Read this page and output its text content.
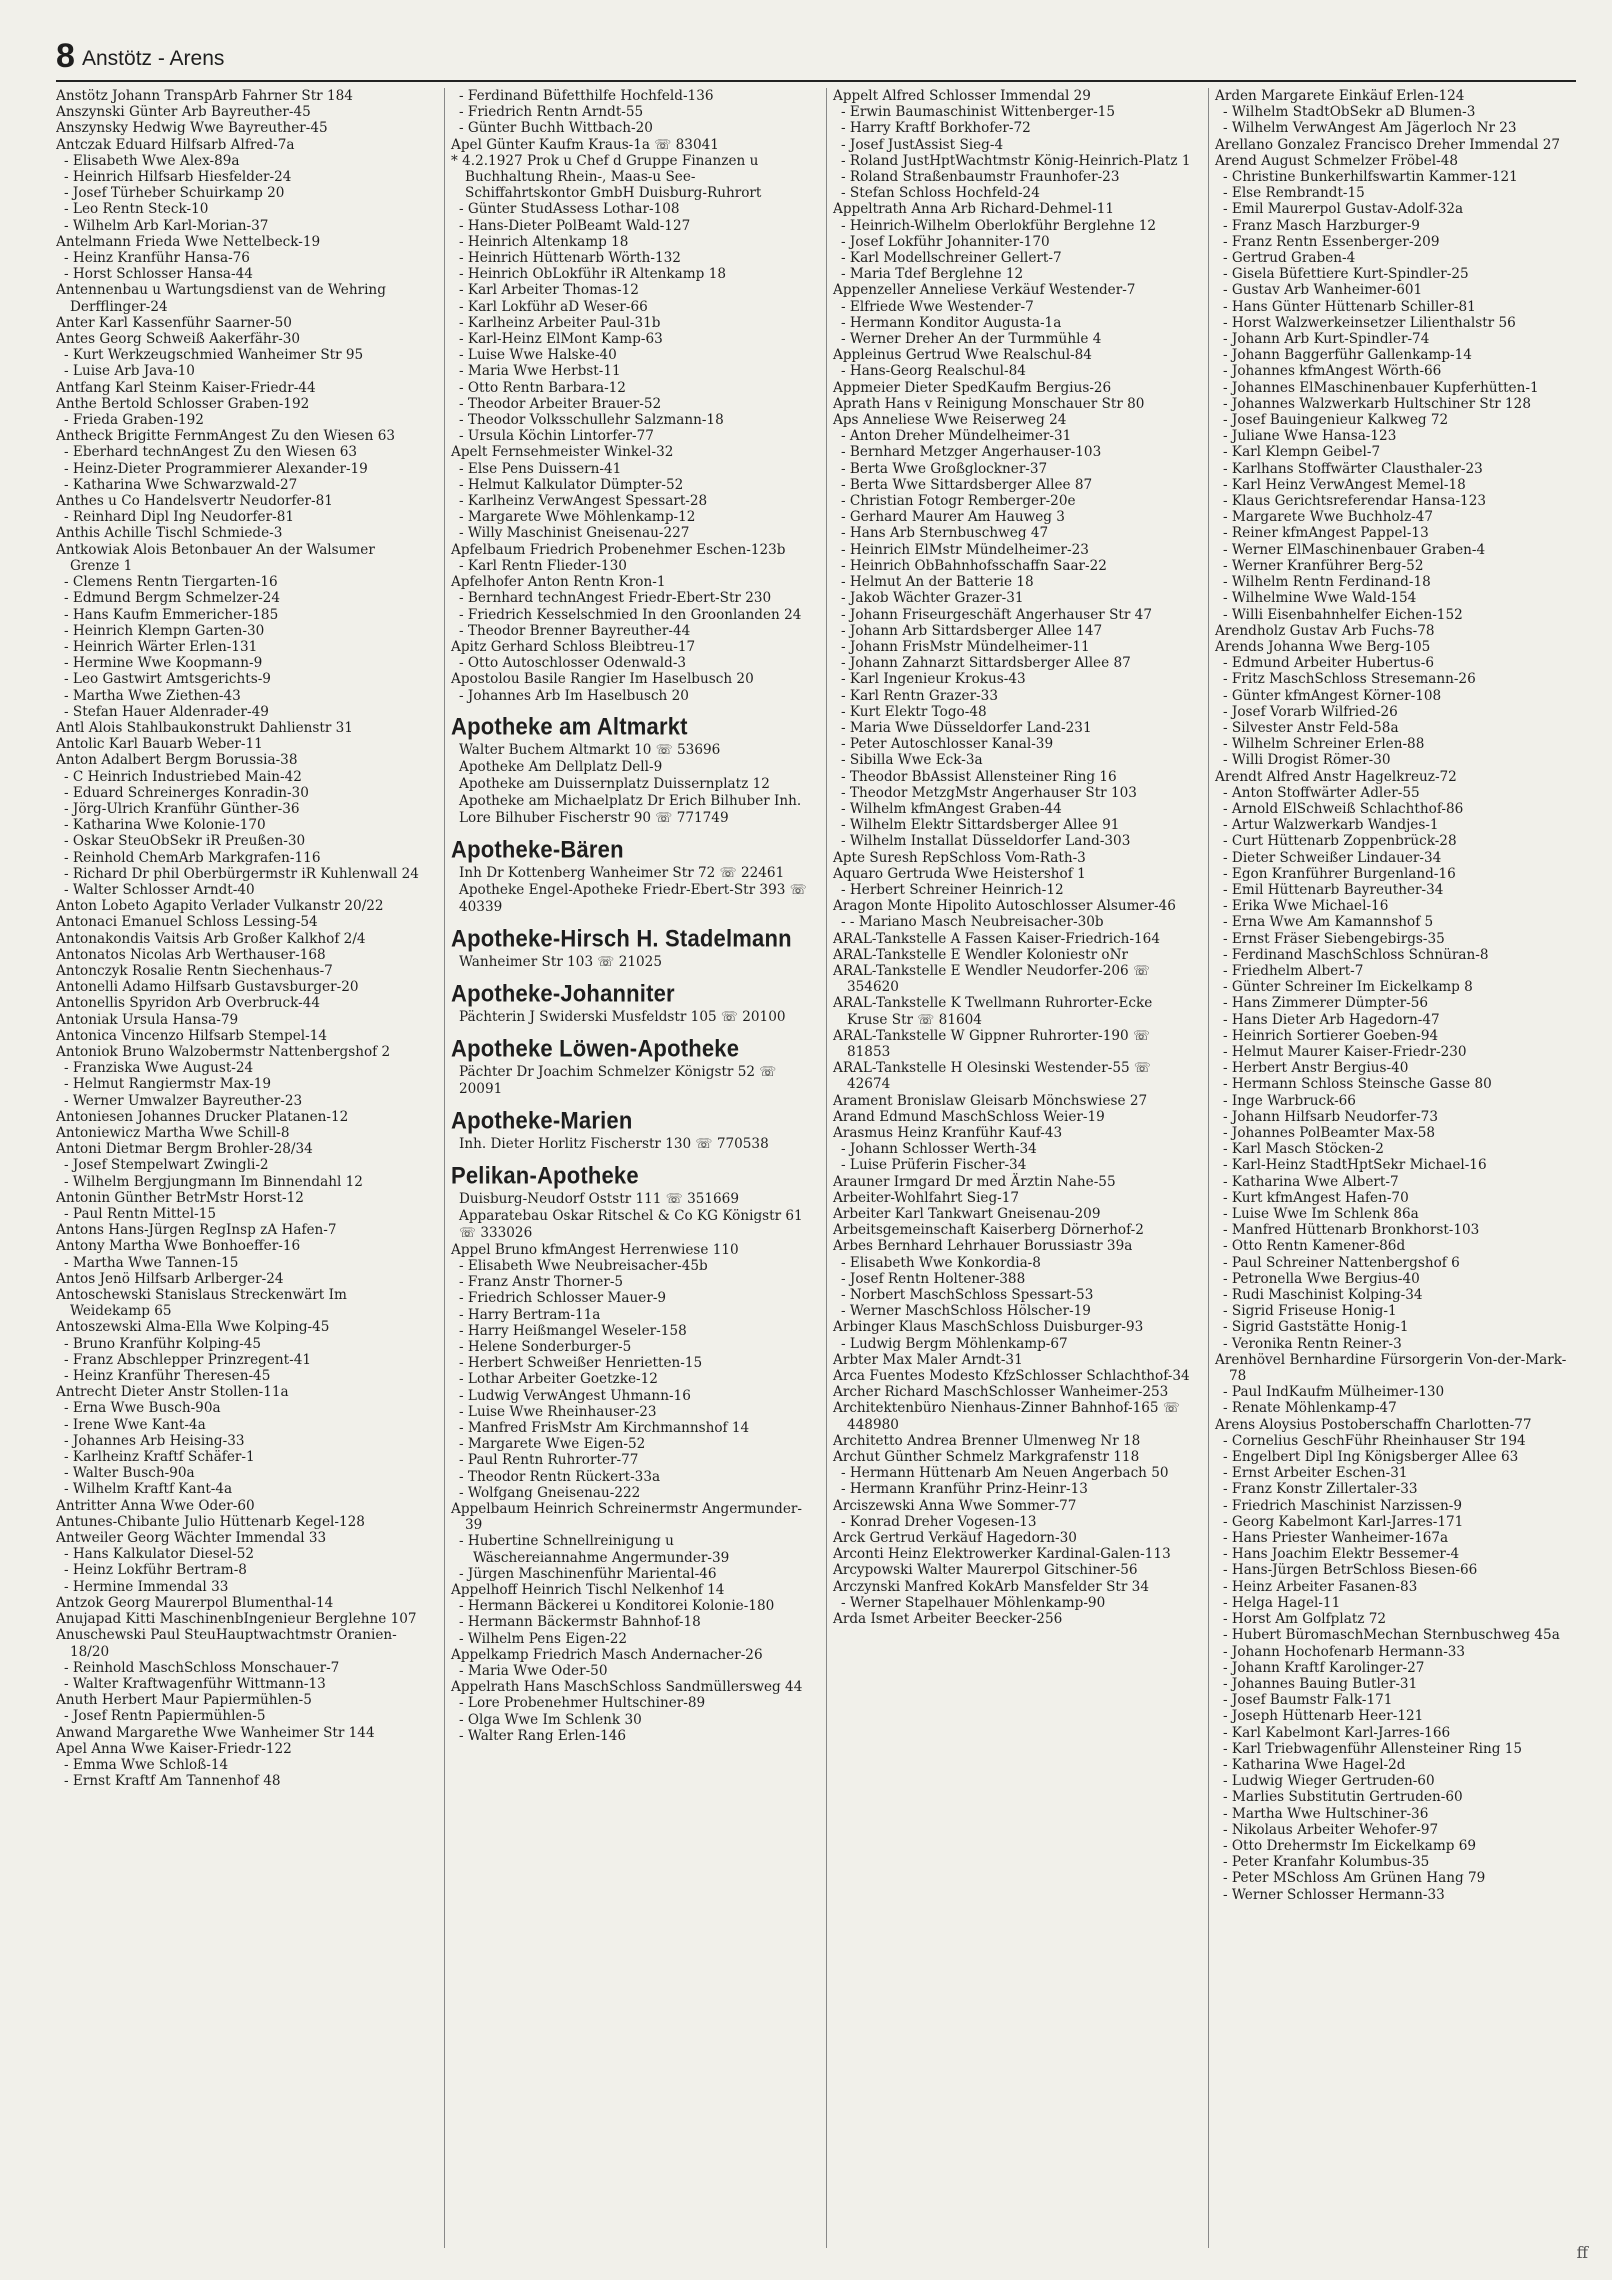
8 Anstötz - Arens
Anstötz Johann TranspArb Fahrner Str 184
Anszynski Günter Arb Bayreuther-45
Anszynsky Hedwig Wwe Bayreuther-45
Antczak Eduard Hilfsarb Alfred-7a
- Elisabeth Wwe Alex-89a
- Heinrich Hilfsarb Hiesfelder-24
- Josef Türheber Schuirkamp 20
- Leo Rentn Steck-10
- Wilhelm Arb Karl-Morian-37
Antelmann Frieda Wwe Nettelbeck-19
- Heinz Kranführ Hansa-76
- Horst Schlosser Hansa-44
Antennenbau u Wartungsdienst van de Wehring Derfflinger-24
Anter Karl Kassenführ Saarner-50
Antes Georg Schweiß Aakerfähr-30
- Kurt Werkzeugschmied Wanheimer Str 95
- Luise Arb Java-10
Antfang Karl Steinm Kaiser-Friedr-44
Anthe Bertold Schlosser Graben-192
- Frieda Graben-192
Antheck Brigitte FernmAngest Zu den Wiesen 63
- Eberhard technAngest Zu den Wiesen 63
- Heinz-Dieter Programmierer Alexander-19
- Katharina Wwe Schwarzwald-27
Anthes u Co Handelsvertr Neudorfer-81
- Reinhard Dipl Ing Neudorfer-81
Anthis Achille Tischl Schmiede-3
Antkowiak Alois Betonbauer An der Walsumer Grenze 1
- Clemens Rentn Tiergarten-16
- Edmund Bergm Schmelzer-24
- Hans Kaufm Emmericher-185
- Heinrich Klempn Garten-30
- Heinrich Wärter Erlen-131
- Hermine Wwe Koopmann-9
- Leo Gastwirt Amtsgerichts-9
- Martha Wwe Ziethen-43
- Stefan Hauer Aldenrader-49
Antl Alois Stahlbaukonstrukt Dahlienstr 31
Antolic Karl Bauarb Weber-11
Anton Adalbert Bergm Borussia-38
- C Heinrich Industriebed Main-42
- Eduard Schreinerges Konradin-30
- Jörg-Ulrich Kranführ Günther-36
- Katharina Wwe Kolonie-170
- Oskar SteuObSekr iR Preußen-30
- Reinhold ChemArb Markgrafen-116
- Richard Dr phil Oberbürgermstr iR Kuhlenwall 24
- Walter Schlosser Arndt-40
Anton Lobeto Agapito Verlader Vulkanstr 20/22
Antonaci Emanuel Schloss Lessing-54
Antonakondis Vaitsis Arb Großer Kalkhof 2/4
Antonatos Nicolas Arb Werthauser-168
Antonczyk Rosalie Rentn Siechenhaus-7
Antonelli Adamo Hilfsarb Gustavsburger-20
Antonellis Spyridon Arb Overbruck-44
Antoniak Ursula Hansa-79
Antonica Vincenzo Hilfsarb Stempel-14
Antoniok Bruno Walzobermstr Nattenbergshof 2
- Franziska Wwe August-24
- Helmut Rangiermstr Max-19
- Werner Umwalzer Bayreuther-23
Antoniesen Johannes Drucker Platanen-12
Antoniewicz Martha Wwe Schill-8
Antoni Dietmar Bergm Brohler-28/34
- Josef Stempelwart Zwingli-2
- Wilhelm Bergjungmann Im Binnendahl 12
Antonin Günther BetrMstr Horst-12
- Paul Rentn Mittel-15
Antons Hans-Jürgen RegInsp zA Hafen-7
Antony Martha Wwe Bonhoeffer-16
- Martha Wwe Tannen-15
Antos Jenö Hilfsarb Arlberger-24
Antoschewski Stanislaus Streckenwärt Im Weidekamp 65
Antoszewski Alma-Ella Wwe Kolping-45
- Bruno Kranführ Kolping-45
- Franz Abschlepper Prinzregent-41
- Heinz Kranführ Theresen-45
Antrecht Dieter Anstr Stollen-11a
- Erna Wwe Busch-90a
- Irene Wwe Kant-4a
- Johannes Arb Heising-33
- Karlheinz Kraftf Schäfer-1
- Walter Busch-90a
- Wilhelm Kraftf Kant-4a
Antritter Anna Wwe Oder-60
Antunes-Chibante Julio Hüttenarb Kegel-128
Antweiler Georg Wächter Immendal 33
- Hans Kalkulator Diesel-52
- Heinz Lokführ Bertram-8
- Hermine Immendal 33
Antzok Georg Maurerpol Blumenthal-14
Anujapad Kitti MaschinenbIngenieur Berglehne 107
Anuschewski Paul SteuHauptwachtmstr Oranien-18/20
- Reinhold MaschSchloss Monschauer-7
- Walter Kraftwagenführ Wittmann-13
Anuth Herbert Maur Papiermühlen-5
- Josef Rentn Papiermühlen-5
Anwand Margarethe Wwe Wanheimer Str 144
Apel Anna Wwe Kaiser-Friedr-122
- Emma Wwe Schloß-14
- Ernst Kraftf Am Tannenhof 48
- Ferdinand Büfetthilfe Hochfeld-136
- Friedrich Rentn Arndt-55
- Günter Buchh Wittbach-20
Apel Günter Kaufm Kraus-1a ☏ 83041
* 4.2.1927 Prok u Chef d Gruppe Finanzen u Buchhaltung Rhein-, Maas-u See-Schiffahrtskontor GmbH Duisburg-Ruhrort
- Günter StudAssess Lothar-108
- Hans-Dieter PolBeamt Wald-127
- Heinrich Altenkamp 18
- Heinrich Hüttenarb Wörth-132
- Heinrich ObLokführ iR Altenkamp 18
- Karl Arbeiter Thomas-12
- Karl Lokführ aD Weser-66
- Karlheinz Arbeiter Paul-31b
- Karl-Heinz ElMont Kamp-63
- Luise Wwe Halske-40
- Maria Wwe Herbst-11
- Otto Rentn Barbara-12
- Theodor Arbeiter Brauer-52
- Theodor Volksschullehr Salzmann-18
- Ursula Köchin Lintorfer-77
Apelt Fernsehmeister Winkel-32
- Else Pens Duissern-41
- Helmut Kalkulator Dümpter-52
- Karlheinz VerwAngest Spessart-28
- Margarete Wwe Möhlenkamp-12
- Willy Maschinist Gneisenau-227
Apfelbaum Friedrich Probenehmer Eschen-123b
- Karl Rentn Flieder-130
Apfelhofer Anton Rentn Kron-1
- Bernhard technAngest Friedr-Ebert-Str 230
- Friedrich Kesselschmied In den Groonlanden 24
- Theodor Brenner Bayreuther-44
Apitz Gerhard Schloss Bleibtreu-17
- Otto Autoschlosser Odenwald-3
Apostolou Basile Rangier Im Haselbusch 20
- Johannes Arb Im Haselbusch 20
Apotheke am Altmarkt
Walter Buchem Altmarkt 10 ☏ 53696
Apotheke Am Dellplatz Dell-9
Apotheke am Duissernplatz Duissernplatz 12
Apotheke am Michaelplatz Dr Erich Bilhuber Inh. Lore Bilhuber Fischerstr 90 ☏ 771749
Apotheke-Bären
Inh Dr Kottenberg Wanheimer Str 72 ☏ 22461
Apotheke Engel-Apotheke Friedr-Ebert-Str 393 ☏ 40339
Apotheke-Hirsch H. Stadelmann
Wanheimer Str 103 ☏ 21025
Apotheke-Johanniter
Pächterin J Swiderski Musfeldstr 105 ☏ 20100
Apotheke Löwen-Apotheke
Pächter Dr Joachim Schmelzer Königstr 52 ☏ 20091
Apotheke-Marien
Inh. Dieter Horlitz Fischerstr 130 ☏ 770538
Pelikan-Apotheke
Duisburg-Neudorf Oststr 111 ☏ 351669
Apparatebau Oskar Ritschel & Co KG Königstr 61 ☏ 333026
Appel Bruno kfmAngest Herrenwiese 110
- Elisabeth Wwe Neubreisacher-45b
- Franz Anstr Thorner-5
- Friedrich Schlosser Mauer-9
- Harry Bertram-11a
- Harry Heißmangel Weseler-158
- Helene Sonderburger-5
- Herbert Schweißer Henrietten-15
- Lothar Arbeiter Goetzke-12
- Ludwig VerwAngest Uhmann-16
- Luise Wwe Rheinhauser-23
- Manfred FrisMstr Am Kirchmannshof 14
- Margarete Wwe Eigen-52
- Paul Rentn Ruhrorter-77
- Theodor Rentn Rückert-33a
- Wolfgang Gneisenau-222
Appelbaum Heinrich Schreinermstr Angermunder-39
- Hubertine Schnellreinigung u Wäschereiannahme Angermunder-39
- Jürgen Maschinenführ Mariental-46
Appelhoff Heinrich Tischl Nelkenhof 14
- Hermann Bäckerei u Konditorei Kolonie-180
- Hermann Bäckermstr Bahnhof-18
- Wilhelm Pens Eigen-22
Appelkamp Friedrich Masch Andernacher-26
- Maria Wwe Oder-50
Appelrath Hans MaschSchloss Sandmüllersweg 44
- Lore Probenehmer Hultschiner-89
- Olga Wwe Im Schlenk 30
- Walter Rang Erlen-146
Appelt Alfred Schlosser Immendal 29
- Erwin Baumaschinist Wittenberger-15
- Harry Kraftf Borkhofer-72
- Josef JustAssist Sieg-4
- Roland JustHptWachtmstr König-Heinrich-Platz 1
- Roland Straßenbaumstr Fraunhofer-23
- Stefan Schloss Hochfeld-24
Appeltrath Anna Arb Richard-Dehmel-11
- Heinrich-Wilhelm Oberlokführ Berglehne 12
- Josef Lokführ Johanniter-170
- Karl Modellschreiner Gellert-7
- Maria Tdef Berglehne 12
Appenzeller Anneliese Verkäuf Westender-7
- Elfriede Wwe Westender-7
- Hermann Konditor Augusta-1a
- Werner Dreher An der Turmmühle 4
Appleinus Gertrud Wwe Realschul-84
- Hans-Georg Realschul-84
Appmeier Dieter SpedKaufm Bergius-26
Aprath Hans v Reinigung Monschauer Str 80
Aps Anneliese Wwe Reiserweg 24
- Anton Dreher Mündelheimer-31
- Bernhard Metzger Angerhauser-103
- Berta Wwe Großglockner-37
- Berta Wwe Sittardsberger Allee 87
- Christian Fotogr Remberger-20e
- Gerhard Maurer Am Hauweg 3
- Hans Arb Sternbuschweg 47
- Heinrich ElMstr Mündelheimer-23
- Heinrich ObBahnhofsschaffn Saar-22
- Helmut An der Batterie 18
- Jakob Wächter Grazer-31
- Johann Friseurgeschäft Angerhauser Str 47
- Johann Arb Sittardsberger Allee 147
- Johann FrisMstr Mündelheimer-11
- Johann Zahnarzt Sittardsberger Allee 87
- Karl Ingenieur Krokus-43
- Karl Rentn Grazer-33
- Kurt Elektr Togo-48
- Maria Wwe Düsseldorfer Land-231
- Peter Autoschlosser Kanal-39
- Sibilla Wwe Eck-3a
- Theodor BbAssist Allensteiner Ring 16
- Theodor MetzgMstr Angerhauser Str 103
- Wilhelm kfmAngest Graben-44
- Wilhelm Elektr Sittardsberger Allee 91
- Wilhelm Installat Düsseldorfer Land-303
Apte Suresh RepSchloss Vom-Rath-3
Aquaro Gertruda Wwe Heistershof 1
- Herbert Schreiner Heinrich-12
Aragon Monte Hipolito Autoschlosser Alsumer-46
- - Mariano Masch Neubreisacher-30b
ARAL-Tankstelle A Fassen Kaiser-Friedrich-164
ARAL-Tankstelle E Wendler Koloniestr oNr
ARAL-Tankstelle E Wendler Neudorfer-206 ☏ 354620
ARAL-Tankstelle K Twellmann Ruhrorter-Ecke Kruse Str ☏ 81604
ARAL-Tankstelle W Gippner Ruhrorter-190 ☏ 81853
ARAL-Tankstelle H Olesinski Westender-55 ☏ 42674
Arament Bronislaw Gleisarb Mönchswiese 27
Arand Edmund MaschSchloss Weier-19
Arasmus Heinz Kranführ Kauf-43
- Johann Schlosser Werth-34
- Luise Prüferin Fischer-34
Arauner Irmgard Dr med Ärztin Nahe-55
Arbeiter-Wohlfahrt Sieg-17
Arbeiter Karl Tankwart Gneisenau-209
Arbeitsgemeinschaft Kaiserberg Dörnerhof-2
Arbes Bernhard Lehrhauer Borussiastr 39a
- Elisabeth Wwe Konkordia-8
- Josef Rentn Holtener-388
- Norbert MaschSchloss Spessart-53
- Werner MaschSchloss Hölscher-19
Arbinger Klaus MaschSchloss Duisburger-93
- Ludwig Bergm Möhlenkamp-67
Arbter Max Maler Arndt-31
Arca Fuentes Modesto KfzSchlosser Schlachthof-34
Archer Richard MaschSchlosser Wanheimer-253
Architektenbüro Nienhaus-Zinner Bahnhof-165 ☏ 448980
Architetto Andrea Brenner Ulmenweg Nr 18
Archut Günther Schmelz Markgrafenstr 118
- Hermann Hüttenarb Am Neuen Angerbach 50
- Hermann Kranführ Prinz-Heinr-13
Arciszewski Anna Wwe Sommer-77
- Konrad Dreher Vogesen-13
Arck Gertrud Verkäuf Hagedorn-30
Arconti Heinz Elektrowerker Kardinal-Galen-113
Arcypowski Walter Maurerpol Gitschiner-56
Arczynski Manfred KokArb Mansfelder Str 34
- Werner Stapelhauer Möhlenkamp-90
Arda Ismet Arbeiter Beecker-256
Arden Margarete Einkäuf Erlen-124
- Wilhelm StadtObSekr aD Blumen-3
- Wilhelm VerwAngest Am Jägerloch Nr 23
Arellano Gonzalez Francisco Dreher Immendal 27
Arend August Schmelzer Fröbel-48
- Christine Bunkerhilfswartin Kammer-121
- Else Rembrandt-15
- Emil Maurerpol Gustav-Adolf-32a
- Franz Masch Harzburger-9
- Franz Rentn Essenberger-209
- Gertrud Graben-4
- Gisela Büfettiere Kurt-Spindler-25
- Gustav Arb Wanheimer-601
- Hans Günter Hüttenarb Schiller-81
- Horst Walzwerkeinsetzer Lilienthalstr 56
- Johann Arb Kurt-Spindler-74
- Johann Baggerführ Gallenkamp-14
- Johannes kfmAngest Wörth-66
- Johannes ElMaschinenbauer Kupferhütten-1
- Johannes Walzwerkarb Hultschiner Str 128
- Josef Bauingenieur Kalkweg 72
- Juliane Wwe Hansa-123
- Karl Klempn Geibel-7
- Karlhans Stoffwärter Clausthaler-23
- Karl Heinz VerwAngest Memel-18
- Klaus Gerichtsreferendar Hansa-123
- Margarete Wwe Buchholz-47
- Reiner kfmAngest Pappel-13
- Werner ElMaschinenbauer Graben-4
- Werner Kranführer Berg-52
- Wilhelm Rentn Ferdinand-18
- Wilhelmine Wwe Wald-154
- Willi Eisenbahnhelfer Eichen-152
Arendholz Gustav Arb Fuchs-78
Arends Johanna Wwe Berg-105
- Edmund Arbeiter Hubertus-6
- Fritz MaschSchloss Stresemann-26
- Günter kfmAngest Körner-108
- Josef Vorarb Wilfried-26
- Silvester Anstr Feld-58a
- Wilhelm Schreiner Erlen-88
- Willi Drogist Römer-30
Arendt Alfred Anstr Hagelkreuz-72
- Anton Stoffwärter Adler-55
- Arnold ElSchweiß Schlachthof-86
- Artur Walzwerkarb Wandjes-1
- Curt Hüttenarb Zoppenbrück-28
- Dieter Schweißer Lindauer-34
- Egon Kranführer Burgenland-16
- Emil Hüttenarb Bayreuther-34
- Erika Wwe Michael-16
- Erna Wwe Am Kamannshof 5
- Ernst Fräser Siebengebirgs-35
- Ferdinand MaschSchloss Schnüran-8
- Friedhelm Albert-7
- Günter Schreiner Im Eickelkamp 8
- Hans Zimmerer Dümpter-56
- Hans Dieter Arb Hagedorn-47
- Heinrich Sortierer Goeben-94
- Helmut Maurer Kaiser-Friedr-230
- Herbert Anstr Bergius-40
- Hermann Schloss Steinsche Gasse 80
- Inge Warbruck-66
- Johann Hilfsarb Neudorfer-73
- Johannes PolBeamter Max-58
- Karl Masch Stöcken-2
- Karl-Heinz StadtHptSekr Michael-16
- Katharina Wwe Albert-7
- Kurt kfmAngest Hafen-70
- Luise Wwe Im Schlenk 86a
- Manfred Hüttenarb Bronkhorst-103
- Otto Rentn Kamener-86d
- Paul Schreiner Nattenbergshof 6
- Petronella Wwe Bergius-40
- Rudi Maschinist Kolping-34
- Sigrid Friseuse Honig-1
- Sigrid Gaststätte Honig-1
- Veronika Rentn Reiner-3
Arenhövel Bernhardine Fürsorgerin Von-der-Mark-78
- Paul IndKaufm Mülheimer-130
- Renate Möhlenkamp-47
Arens Aloysius Postoberschaffn Charlotten-77
- Cornelius GeschFühr Rheinhauser Str 194
- Engelbert Dipl Ing Königsberger Allee 63
- Ernst Arbeiter Eschen-31
- Franz Konstr Zillertaler-33
- Friedrich Maschinist Narzissen-9
- Georg Kabelmont Karl-Jarres-171
- Hans Priester Wanheimer-167a
- Hans Joachim Elektr Bessemer-4
- Hans-Jürgen BetrSchloss Biesen-66
- Heinz Arbeiter Fasanen-83
- Helga Hagel-11
- Horst Am Golfplatz 72
- Hubert BüromaschMechan Sternbuschweg 45a
- Johann Hochofenarb Hermann-33
- Johann Kraftf Karolinger-27
- Johannes Bauing Butler-31
- Josef Baumstr Falk-171
- Joseph Hüttenarb Heer-121
- Karl Kabelmont Karl-Jarres-166
- Karl Triebwagenführ Allensteiner Ring 15
- Katharina Wwe Hagel-2d
- Ludwig Wieger Gertruden-60
- Marlies Substitutin Gertruden-60
- Martha Wwe Hultschiner-36
- Nikolaus Arbeiter Wehofer-97
- Otto Drehermstr Im Eickelkamp 69
- Peter Kranfahr Kolumbus-35
- Peter MSchloss Am Grünen Hang 79
- Werner Schlosser Hermann-33
ff
